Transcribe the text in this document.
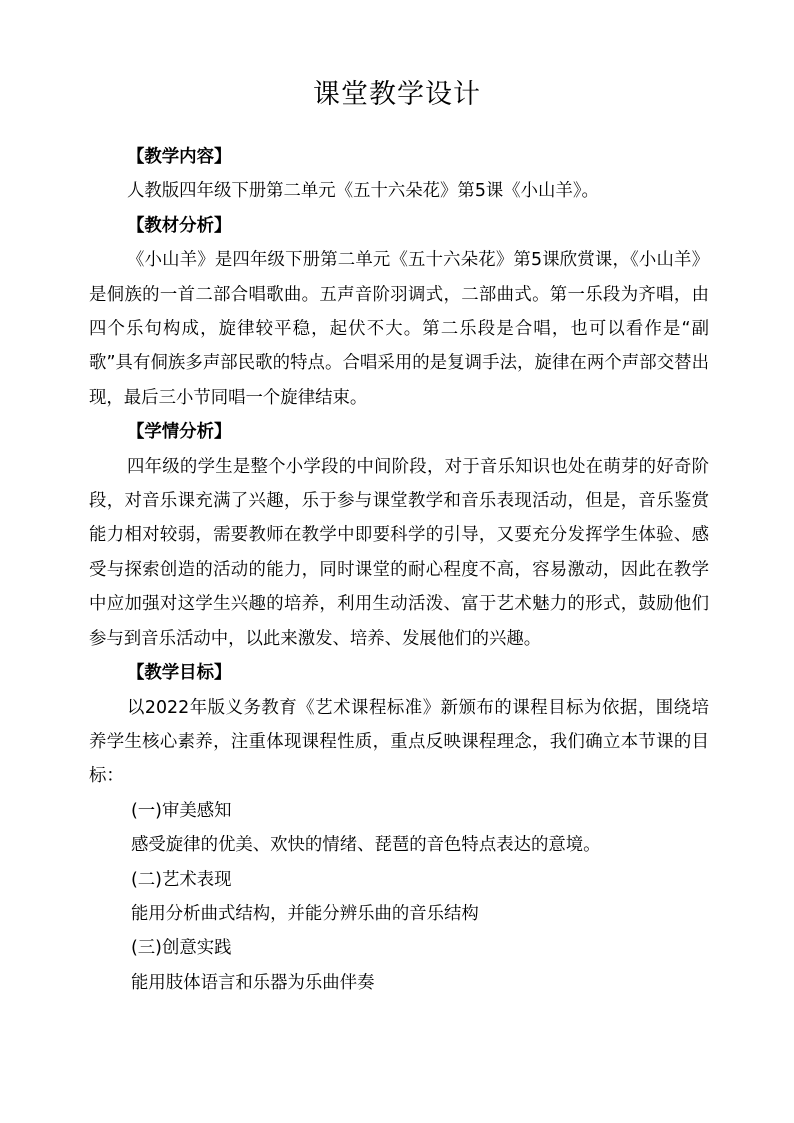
课堂教学设计

【教学内容】

人教版四年级下册第二单元《五十六朵花》第5课《小山羊》。

【教材分析】

《小山羊》是四年级下册第二单元《五十六朵花》第5课欣赏课，《小山羊》是侗族的一首二部合唱歌曲。五声音阶羽调式，二部曲式。第一乐段为齐唱，由四个乐句构成，旋律较平稳，起伏不大。第二乐段是合唱，也可以看作是“副歌”具有侗族多声部民歌的特点。合唱采用的是复调手法，旋律在两个声部交替出现，最后三小节同唱一个旋律结束。

【学情分析】

四年级的学生是整个小学段的中间阶段，对于音乐知识也处在萌芽的好奇阶段，对音乐课充满了兴趣，乐于参与课堂教学和音乐表现活动，但是，音乐鉴赏能力相对较弱，需要教师在教学中即要科学的引导，又要充分发挥学生体验、感受与探索创造的活动的能力，同时课堂的耐心程度不高，容易激动，因此在教学中应加强对这学生兴趣的培养，利用生动活泼、富于艺术魅力的形式，鼓励他们参与到音乐活动中，以此来激发、培养、发展他们的兴趣。

【教学目标】

以2022年版义务教育《艺术课程标准》新颁布的课程目标为依据，围绕培养学生核心素养，注重体现课程性质，重点反映课程理念，我们确立本节课的目标：

(一)审美感知

感受旋律的优美、欢快的情绪、琵琶的音色特点表达的意境。

(二)艺术表现

能用分析曲式结构，并能分辨乐曲的音乐结构

(三)创意实践

能用肢体语言和乐器为乐曲伴奏
